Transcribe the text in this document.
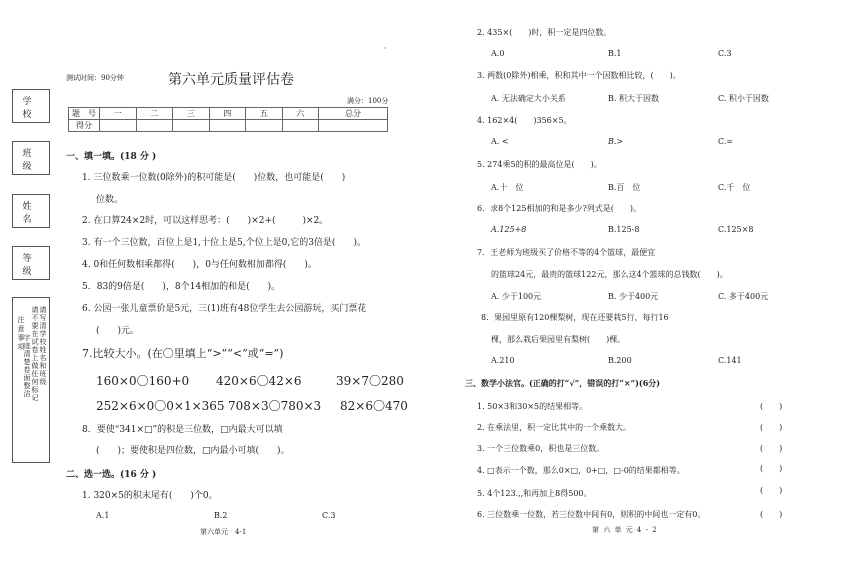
·
测试时间：90分钟	第六单元质量评估卷
满分：100分
学　校
班　级
姓　名
等　级
注意事项 请写清学校姓名和班级
请不要在试卷上做任何标记
字迹清楚卷面整洁
题　号	一	二	三	四	五	六	总分
得分							
一、填一填。(18 分 )
1. 三位数乘一位数(0除外)的积可能是(　　)位数，也可能是(　　)
位数。
2. 在口算24×2时，可以这样思考：(　　)×2+(　　　)×2。
3. 有一个三位数，百位上是1,十位上是5,个位上是0,它的3倍是(　　)。
4. 0和任何数相乘都得(　　)，0与任何数相加都得(　　)。
5．83的9倍是(　　)，8个14相加的和是(　　)。
6. 公园一张儿童票价是5元，三(1)班有48位学生去公园游玩，买门票花
(　　)元。
7.比较大小。(在〇里填上“>”“<”或“=”)
160×0〇160+0 420×6〇42×6	39×7〇280
252×6×0〇0×1×365 708×3〇780×3 82×6〇470
8．要使“341×□”的积是三位数，□内最大可以填
(　　)；要使积是四位数，□内最小可填(　　)。
二、选一选。(16 分 )
1. 320×5的积末尾有(　　)个0。
A.1	B.2	C.3
第六单元　4-1
2. 435×(　　)时，积一定是四位数。
A.0	B.1	C.3
3. 两数(0除外)相乘，积和其中一个因数相比较，(　　)。
A. 无法确定大小关系	B. 积大于因数	C. 积小于因数
4. 162×4(　　)356×5。
A. <	B.>	C.=
5. 274乘5的积的最高位是(　　)。
A.十　位	B.百　位	C.千　位
6．求8个125相加的和是多少?列式是(　　)。
A.125+8	B.125-8	C.125×8
7．王老师为班级买了价格不等的4个篮球，最便宜
的篮球24元，最贵的篮球122元，那么这4个篮球的总钱数(　　)。
A. 少于100元	B. 少于400元	C. 多于400元
8．果园里原有120棵梨树，现在还要栽5行，每行16
棵，那么栽后果园里有梨树(　　)棵。
A.210	B.200	C.141
三、数学小法官。(正确的打“√”，错误的打“×”)(6分)
1. 50×3和30×5的结果相等。	(　　)
2. 在乘法里，积一定比其中的一个乘数大。	(　　)
3. 一个三位数乘0，积也是三位数。	(　　)
4. □表示一个数，那么0×□，0+□，□-0的结果都相等。	(　　)
5. 4个123.,,和再加上8得500。	(　　)
6. 三位数乘一位数，若三位数中间有0，则积的中间也一定有0。	(　　)
第 六 单 元 4 - 2
